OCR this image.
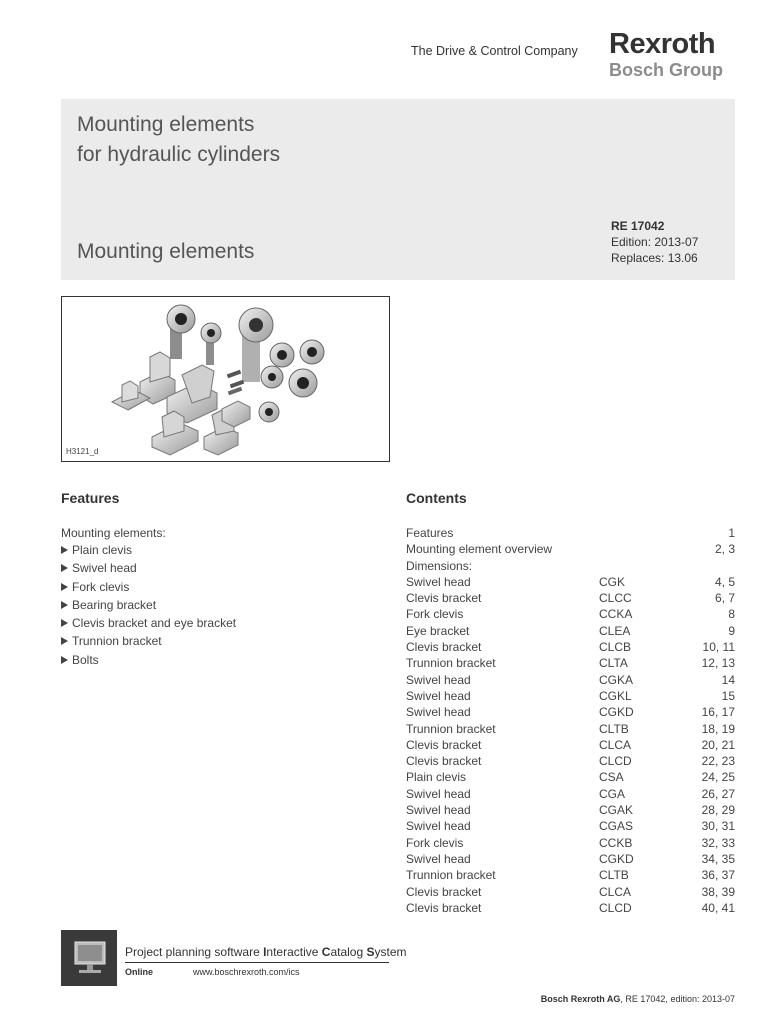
The Drive & Control Company Rexroth
Bosch Group
Mounting elements
for hydraulic cylinders
Mounting elements
RE 17042
Edition: 2013-07
Replaces: 13.06
H3121_d
Features
Mounting elements:
Plain clevis
Swivel head
Fork clevis
Bearing bracket
Clevis bracket and eye bracket
Trunnion bracket
Bolts
Contents
Features	1
Mounting element overview	2, 3
Dimensions:
Swivel head	CGK	4, 5
Clevis bracket	CLCC	6, 7
Fork clevis	CCKA	8
Eye bracket	CLEA	9
Clevis bracket	CLCB	10, 11
Trunnion bracket	CLTA	12, 13
Swivel head	CGKA	14
Swivel head	CGKL	15
Swivel head	CGKD	16, 17
Trunnion bracket	CLTB	18, 19
Clevis bracket	CLCA	20, 21
Clevis bracket	CLCD	22, 23
Plain clevis	CSA	24, 25
Swivel head	CGA	26, 27
Swivel head	CGAK	28, 29
Swivel head	CGAS	30, 31
Fork clevis	CCKB	32, 33
Swivel head	CGKD	34, 35
Trunnion bracket	CLTB	36, 37
Clevis bracket	CLCA	38, 39
Clevis bracket	CLCD	40, 41
Project planning software Interactive Catalog System
Online	www.boschrexroth.com/ics
Bosch Rexroth AG, RE 17042, edition: 2013-07
